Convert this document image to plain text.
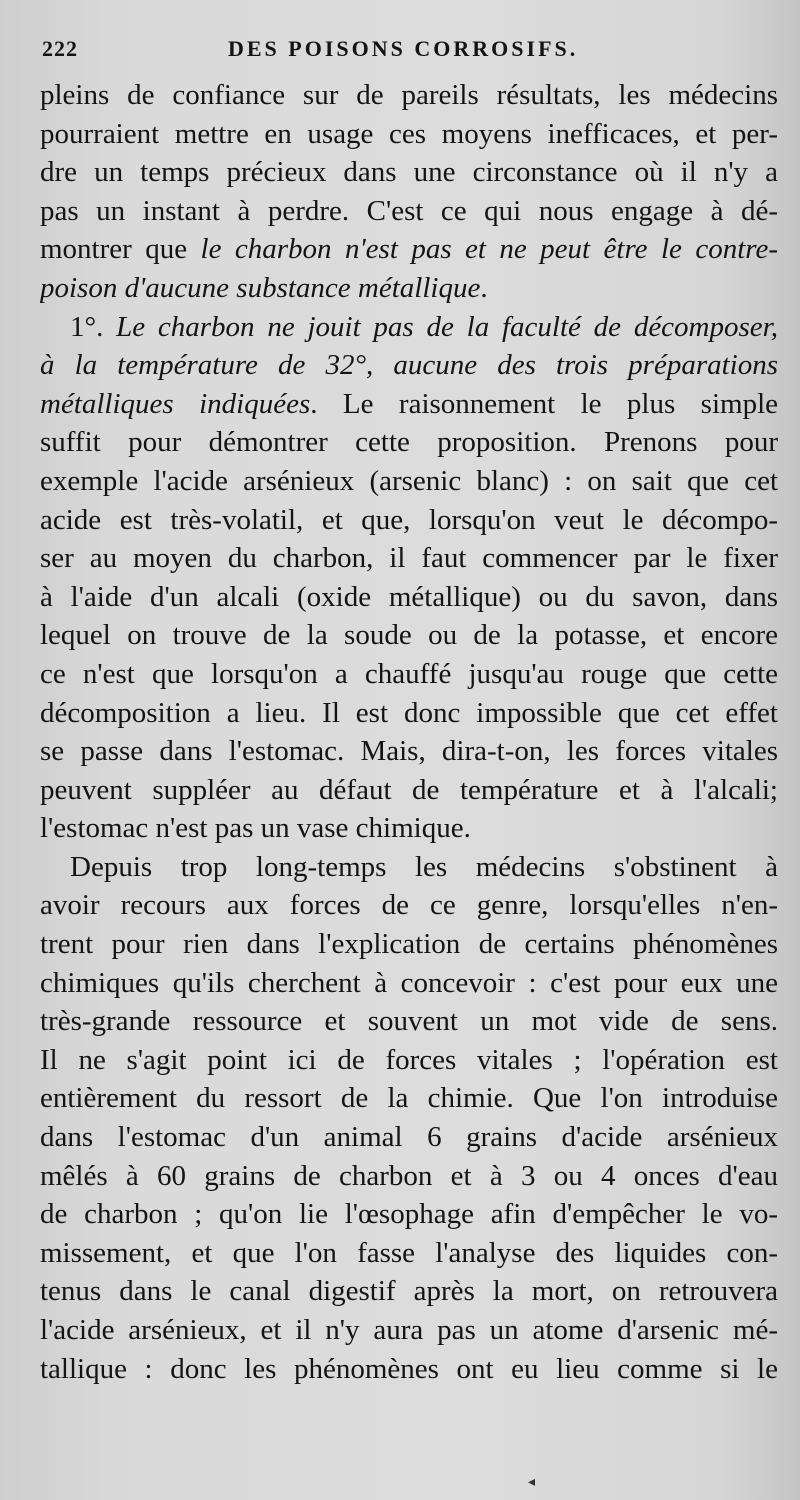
222	DES POISONS CORROSIFS.
pleins de confiance sur de pareils résultats, les médecins
pourraient mettre en usage ces moyens inefficaces, et per-
dre un temps précieux dans une circonstance où il n'y a
pas un instant à perdre. C'est ce qui nous engage à dé-
montrer que le charbon n'est pas et ne peut être le contre-
poison d'aucune substance métallique.
1°. Le charbon ne jouit pas de la faculté de décomposer,
à la température de 32°, aucune des trois préparations
métalliques indiquées. Le raisonnement le plus simple
suffit pour démontrer cette proposition. Prenons pour
exemple l'acide arsénieux (arsenic blanc) : on sait que cet
acide est très-volatil, et que, lorsqu'on veut le décompo-
ser au moyen du charbon, il faut commencer par le fixer
à l'aide d'un alcali (oxide métallique) ou du savon, dans
lequel on trouve de la soude ou de la potasse, et encore
ce n'est que lorsqu'on a chauffé jusqu'au rouge que cette
décomposition a lieu. Il est donc impossible que cet effet
se passe dans l'estomac. Mais, dira-t-on, les forces vitales
peuvent suppléer au défaut de température et à l'alcali;
l'estomac n'est pas un vase chimique.
Depuis trop long-temps les médecins s'obstinent à
avoir recours aux forces de ce genre, lorsqu'elles n'en-
trent pour rien dans l'explication de certains phénomènes
chimiques qu'ils cherchent à concevoir : c'est pour eux une
très-grande ressource et souvent un mot vide de sens.
Il ne s'agit point ici de forces vitales ; l'opération est
entièrement du ressort de la chimie. Que l'on introduise
dans l'estomac d'un animal 6 grains d'acide arsénieux
mêlés à 60 grains de charbon et à 3 ou 4 onces d'eau
de charbon ; qu'on lie l'œsophage afin d'empêcher le vo-
missement, et que l'on fasse l'analyse des liquides con-
tenus dans le canal digestif après la mort, on retrouvera
l'acide arsénieux, et il n'y aura pas un atome d'arsenic mé-
tallique : donc les phénomènes ont eu lieu comme si le
◂
